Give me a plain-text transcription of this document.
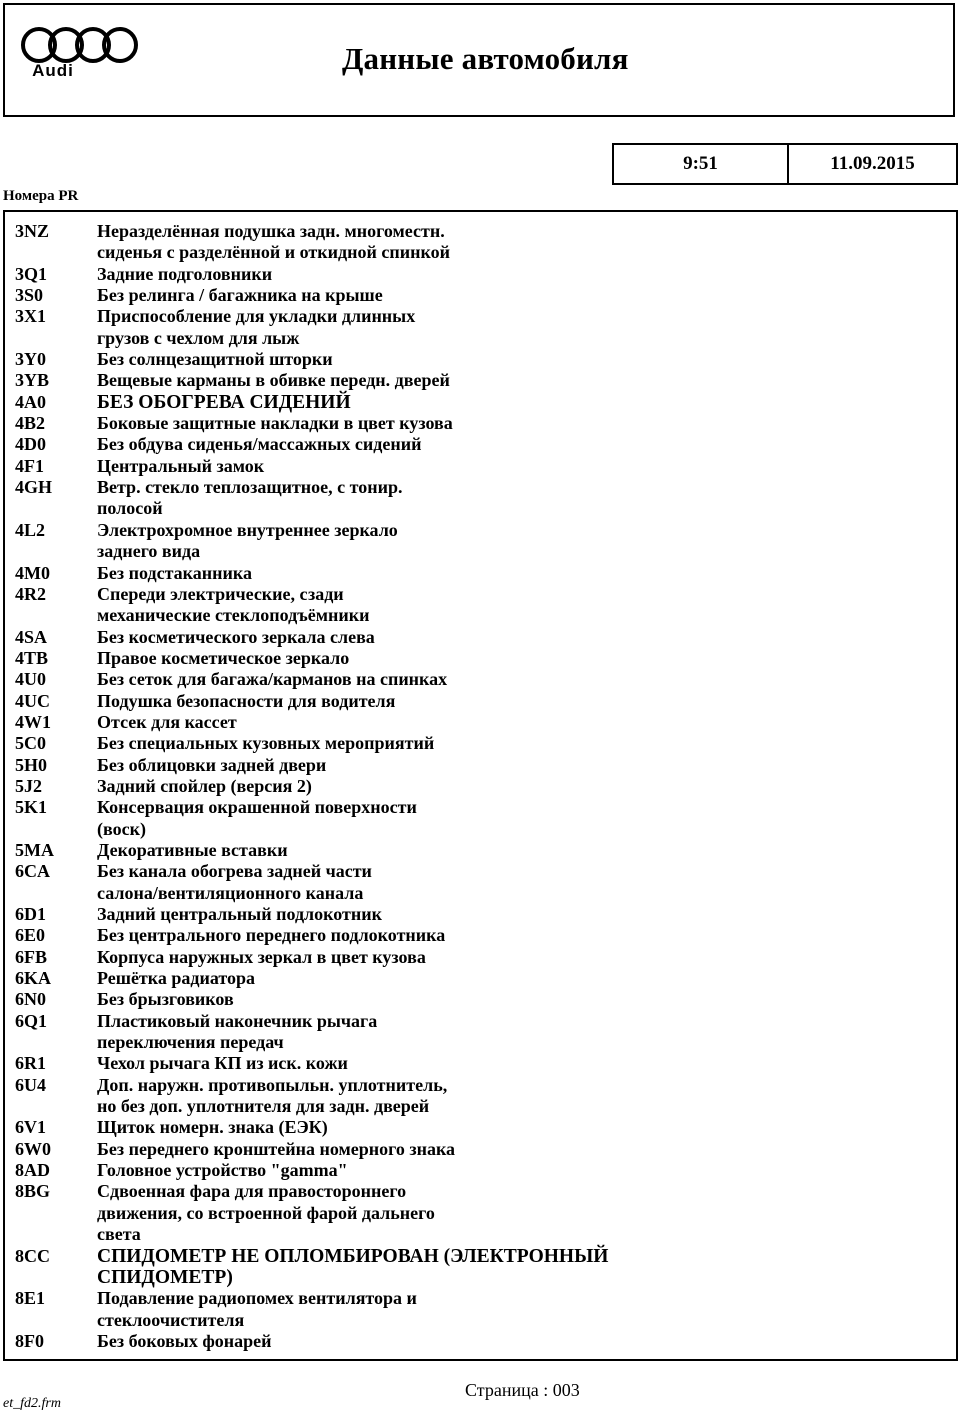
Audi	Данные автомобиля
9:51	11.09.2015
Номера PR
3NZ	Неразделённая подушка задн. многоместн.
сиденья с разделённой и откидной спинкой
3Q1	Задние подголовники
3S0	Без релинга / багажника на крыше
3X1	Приспособление для укладки длинных
грузов с чехлом для лыж
3Y0	Без солнцезащитной шторки
3YB	Вещевые карманы в обивке передн. дверей
4A0	БЕЗ ОБОГРЕВА СИДЕНИЙ
4B2	Боковые защитные накладки в цвет кузова
4D0	Без обдува сиденья/массажных сидений
4F1	Центральный замок
4GH	Ветр. стекло теплозащитное, с тонир.
полосой
4L2	Электрохромное внутреннее зеркало
заднего вида
4M0	Без подстаканника
4R2	Спереди электрические, сзади
механические стеклоподъёмники
4SA	Без косметического зеркала слева
4TB	Правое косметическое зеркало
4U0	Без сеток для багажа/карманов на спинках
4UC	Подушка безопасности для водителя
4W1	Отсек для кассет
5C0	Без специальных кузовных мероприятий
5H0	Без облицовки задней двери
5J2	Задний спойлер (версия 2)
5K1	Консервация окрашенной поверхности
(воск)
5MA	Декоративные вставки
6CA	Без канала обогрева задней части
салона/вентиляционного канала
6D1	Задний центральный подлокотник
6E0	Без центрального переднего подлокотника
6FB	Корпуса наружных зеркал в цвет кузова
6KA	Решётка радиатора
6N0	Без брызговиков
6Q1	Пластиковый наконечник рычага
переключения передач
6R1	Чехол рычага КП из иск. кожи
6U4	Доп. наружн. противопыльн. уплотнитель,
но без доп. уплотнителя для задн. дверей
6V1	Щиток номерн. знака (ЕЭК)
6W0	Без переднего кронштейна номерного знака
8AD	Головное устройство "gamma"
8BG	Сдвоенная фара для правостороннего
движения, со встроенной фарой дальнего
света
8CC	СПИДОМЕТР НЕ ОПЛОМБИРОВАН (ЭЛЕКТРОННЫЙ
СПИДОМЕТР)
8E1	Подавление радиопомех вентилятора и
стеклоочистителя
8F0	Без боковых фонарей
Страница : 003
et_fd2.frm
